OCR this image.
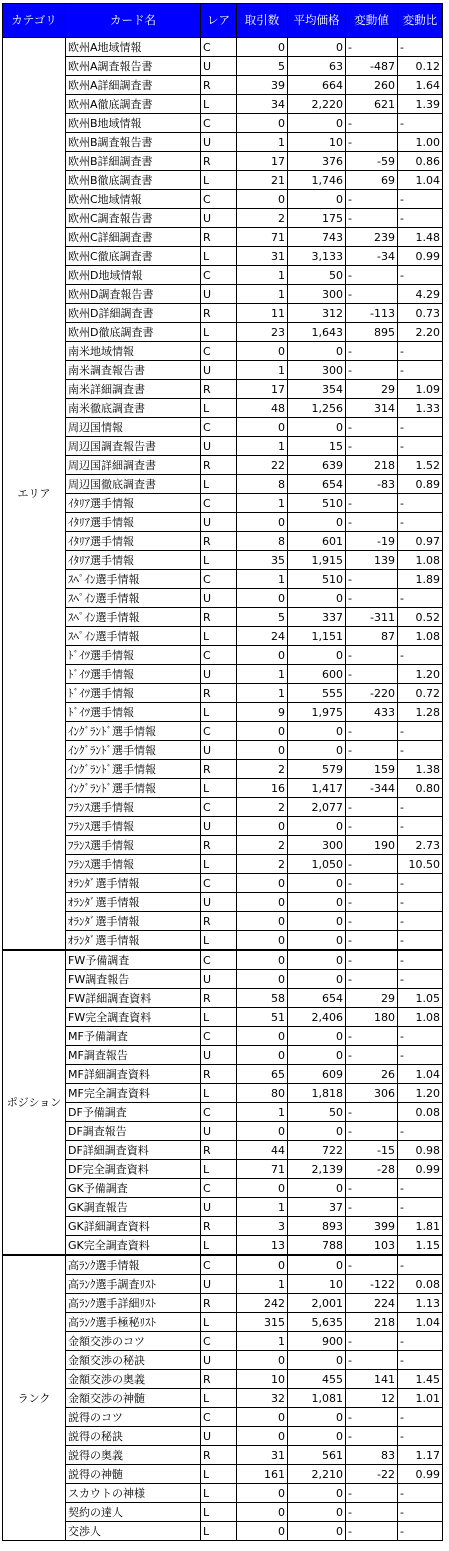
カテゴリ	カード名	レア	取引数	平均価格	変動値	変動比
エリア	欧州A地域情報	C	0	0	-	-
	欧州A調査報告書	U	5	63	-487	0.12
	欧州A詳細調査書	R	39	664	260	1.64
	欧州A徹底調査書	L	34	2,220	621	1.39
	欧州B地域情報	C	0	0	-	-
	欧州B調査報告書	U	1	10	-	1.00
	欧州B詳細調査書	R	17	376	-59	0.86
	欧州B徹底調査書	L	21	1,746	69	1.04
	欧州C地域情報	C	0	0	-	-
	欧州C調査報告書	U	2	175	-	-
	欧州C詳細調査書	R	71	743	239	1.48
	欧州C徹底調査書	L	31	3,133	-34	0.99
	欧州D地域情報	C	1	50	-	-
	欧州D調査報告書	U	1	300	-	4.29
	欧州D詳細調査書	R	11	312	-113	0.73
	欧州D徹底調査書	L	23	1,643	895	2.20
	南米地域情報	C	0	0	-	-
	南米調査報告書	U	1	300	-	-
	南米詳細調査書	R	17	354	29	1.09
	南米徹底調査書	L	48	1,256	314	1.33
	周辺国情報	C	0	0	-	-
	周辺国調査報告書	U	1	15	-	-
	周辺国詳細調査書	R	22	639	218	1.52
	周辺国徹底調査書	L	8	654	-83	0.89
	ｲﾀﾘｱ選手情報	C	1	510	-	-
	ｲﾀﾘｱ選手情報	U	0	0	-	-
	ｲﾀﾘｱ選手情報	R	8	601	-19	0.97
	ｲﾀﾘｱ選手情報	L	35	1,915	139	1.08
	ｽﾍﾟｲﾝ選手情報	C	1	510	-	1.89
	ｽﾍﾟｲﾝ選手情報	U	0	0	-	-
	ｽﾍﾟｲﾝ選手情報	R	5	337	-311	0.52
	ｽﾍﾟｲﾝ選手情報	L	24	1,151	87	1.08
	ﾄﾞｲﾂ選手情報	C	0	0	-	-
	ﾄﾞｲﾂ選手情報	U	1	600	-	1.20
	ﾄﾞｲﾂ選手情報	R	1	555	-220	0.72
	ﾄﾞｲﾂ選手情報	L	9	1,975	433	1.28
	ｲﾝｸﾞﾗﾝﾄﾞ選手情報	C	0	0	-	-
	ｲﾝｸﾞﾗﾝﾄﾞ選手情報	U	0	0	-	-
	ｲﾝｸﾞﾗﾝﾄﾞ選手情報	R	2	579	159	1.38
	ｲﾝｸﾞﾗﾝﾄﾞ選手情報	L	16	1,417	-344	0.80
	ﾌﾗﾝｽ選手情報	C	2	2,077	-	-
	ﾌﾗﾝｽ選手情報	U	0	0	-	-
	ﾌﾗﾝｽ選手情報	R	2	300	190	2.73
	ﾌﾗﾝｽ選手情報	L	2	1,050	-	10.50
	ｵﾗﾝﾀﾞ選手情報	C	0	0	-	-
	ｵﾗﾝﾀﾞ選手情報	U	0	0	-	-
	ｵﾗﾝﾀﾞ選手情報	R	0	0	-	-
	ｵﾗﾝﾀﾞ選手情報	L	0	0	-	-
ポジション	FW予備調査	C	0	0	-	-
	FW調査報告	U	0	0	-	-
	FW詳細調査資料	R	58	654	29	1.05
	FW完全調査資料	L	51	2,406	180	1.08
	MF予備調査	C	0	0	-	-
	MF調査報告	U	0	0	-	-
	MF詳細調査資料	R	65	609	26	1.04
	MF完全調査資料	L	80	1,818	306	1.20
	DF予備調査	C	1	50	-	0.08
	DF調査報告	U	0	0	-	-
	DF詳細調査資料	R	44	722	-15	0.98
	DF完全調査資料	L	71	2,139	-28	0.99
	GK予備調査	C	0	0	-	-
	GK調査報告	U	1	37	-	-
	GK詳細調査資料	R	3	893	399	1.81
	GK完全調査資料	L	13	788	103	1.15
ランク	高ﾗﾝｸ選手情報	C	0	0	-	-
	高ﾗﾝｸ選手調査ﾘｽﾄ	U	1	10	-122	0.08
	高ﾗﾝｸ選手詳細ﾘｽﾄ	R	242	2,001	224	1.13
	高ﾗﾝｸ選手極秘ﾘｽﾄ	L	315	5,635	218	1.04
	金額交渉のコツ	C	1	900	-	-
	金額交渉の秘訣	U	0	0	-	-
	金額交渉の奥義	R	10	455	141	1.45
	金額交渉の神髄	L	32	1,081	12	1.01
	説得のコツ	C	0	0	-	-
	説得の秘訣	U	0	0	-	-
	説得の奥義	R	31	561	83	1.17
	説得の神髄	L	161	2,210	-22	0.99
	スカウトの神様	L	0	0	-	-
	契約の達人	L	0	0	-	-
	交渉人	L	0	0	-	-
